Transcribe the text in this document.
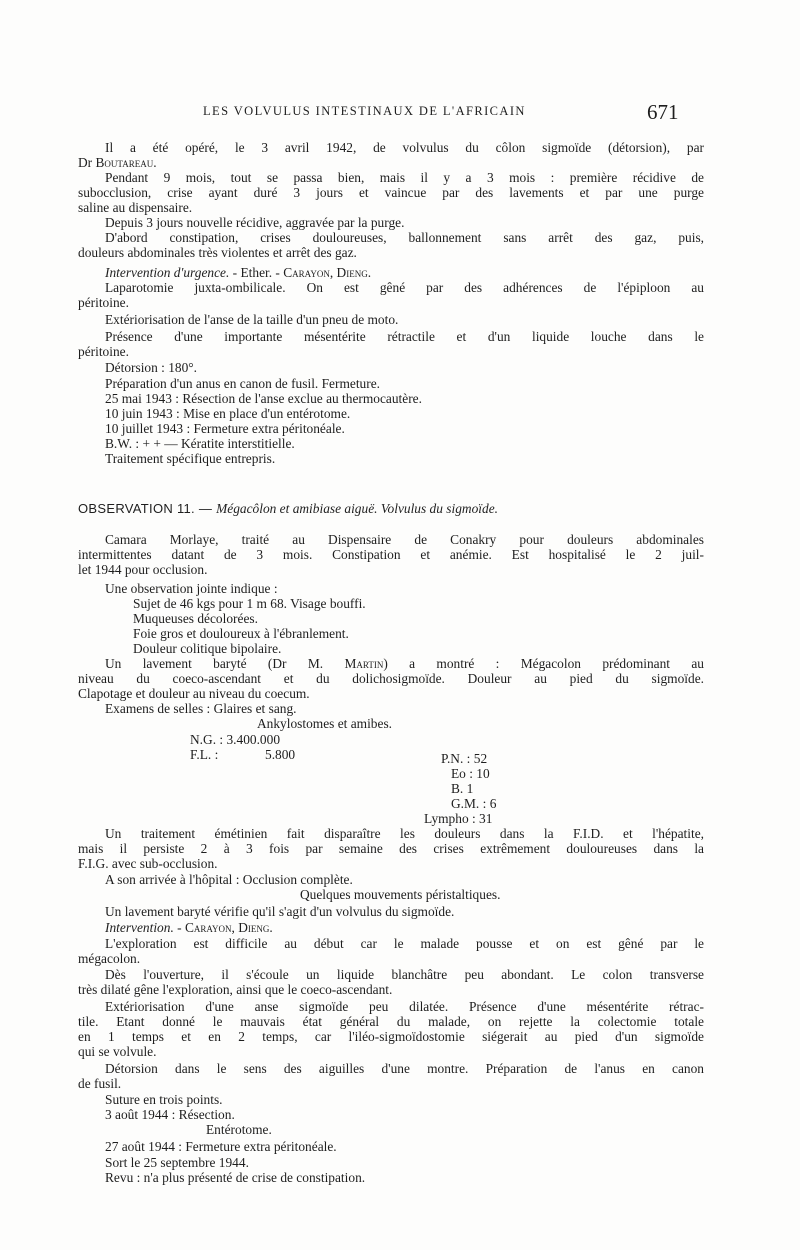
LES VOLVULUS INTESTINAUX DE L'AFRICAIN	671
Il a été opéré, le 3 avril 1942, de volvulus du côlon sigmoïde (détorsion), par
Dr Boutareau.
Pendant 9 mois, tout se passa bien, mais il y a 3 mois : première récidive de
subocclusion, crise ayant duré 3 jours et vaincue par des lavements et par une purge
saline au dispensaire.
Depuis 3 jours nouvelle récidive, aggravée par la purge.
D'abord constipation, crises douloureuses, ballonnement sans arrêt des gaz, puis,
douleurs abdominales très violentes et arrêt des gaz.
Intervention d'urgence. - Ether. - Carayon, Dieng.
Laparotomie juxta-ombilicale. On est gêné par des adhérences de l'épiploon au
péritoine.
Extériorisation de l'anse de la taille d'un pneu de moto.
Présence d'une importante mésentérite rétractile et d'un liquide louche dans le
péritoine.
Détorsion : 180°.
Préparation d'un anus en canon de fusil. Fermeture.
25 mai 1943 : Résection de l'anse exclue au thermocautère.
10 juin 1943 : Mise en place d'un entérotome.
10 juillet 1943 : Fermeture extra péritonéale.
B.W. : + + — Kératite interstitielle.
Traitement spécifique entrepris.
OBSERVATION 11. — Mégacôlon et amibiase aiguë. Volvulus du sigmoïde.
Camara Morlaye, traité au Dispensaire de Conakry pour douleurs abdominales
intermittentes datant de 3 mois. Constipation et anémie. Est hospitalisé le 2 juil-
let 1944 pour occlusion.
Une observation jointe indique :
Sujet de 46 kgs pour 1 m 68. Visage bouffi.
Muqueuses décolorées.
Foie gros et douloureux à l'ébranlement.
Douleur colitique bipolaire.
Un lavement baryté (Dr M. Martin) a montré : Mégacolon prédominant au
niveau du coeco-ascendant et du dolichosigmoïde. Douleur au pied du sigmoïde.
Clapotage et douleur au niveau du coecum.
Examens de selles : Glaires et sang.
Ankylostomes et amibes.
N.G. : 3.400.000
F.L. :	5.800	P.N. : 52
Eo : 10
B. 1
G.M. : 6
Lympho : 31
Un traitement émétinien fait disparaître les douleurs dans la F.I.D. et l'hépatite,
mais il persiste 2 à 3 fois par semaine des crises extrêmement douloureuses dans la
F.I.G. avec sub-occlusion.
A son arrivée à l'hôpital : Occlusion complète.
Quelques mouvements péristaltiques.
Un lavement baryté vérifie qu'il s'agit d'un volvulus du sigmoïde.
Intervention. - Carayon, Dieng.
L'exploration est difficile au début car le malade pousse et on est gêné par le
mégacolon.
Dès l'ouverture, il s'écoule un liquide blanchâtre peu abondant. Le colon transverse
très dilaté gêne l'exploration, ainsi que le coeco-ascendant.
Extériorisation d'une anse sigmoïde peu dilatée. Présence d'une mésentérite rétrac-
tile. Etant donné le mauvais état général du malade, on rejette la colectomie totale
en 1 temps et en 2 temps, car l'iléo-sigmoïdostomie siégerait au pied d'un sigmoïde
qui se volvule.
Détorsion dans le sens des aiguilles d'une montre. Préparation de l'anus en canon
de fusil.
Suture en trois points.
3 août 1944 : Résection.
Entérotome.
27 août 1944 : Fermeture extra péritonéale.
Sort le 25 septembre 1944.
Revu : n'a plus présenté de crise de constipation.
